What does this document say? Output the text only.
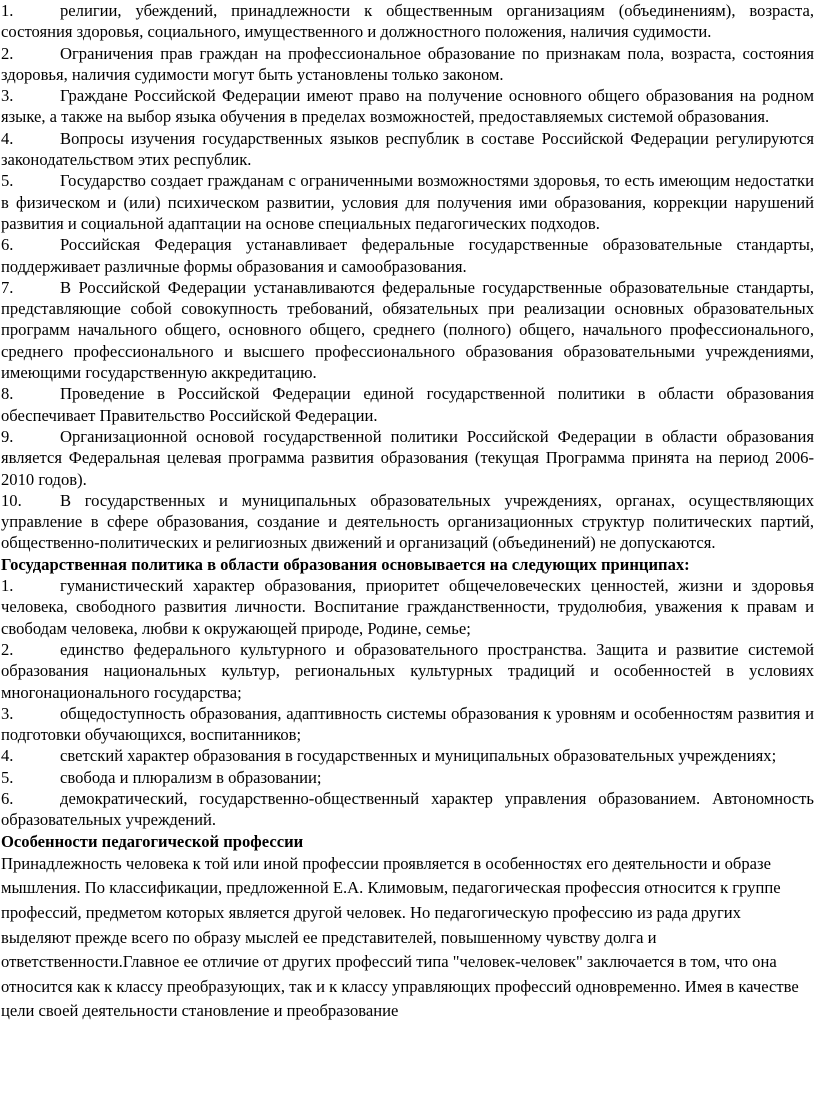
1.	религии, убеждений, принадлежности к общественным организациям (объединениям), возраста, состояния здоровья, социального, имущественного и должностного положения, наличия судимости.

2.	Ограничения прав граждан на профессиональное образование по признакам пола, возраста, состояния здоровья, наличия судимости могут быть установлены только законом.

3.	Граждане Российской Федерации имеют право на получение основного общего образования на родном языке, а также на выбор языка обучения в пределах возможностей, предоставляемых системой образования.

4.	Вопросы изучения государственных языков республик в составе Российской Федерации регулируются законодательством этих республик.

5.	Государство создает гражданам с ограниченными возможностями здоровья, то есть имеющим недостатки в физическом и (или) психическом развитии, условия для получения ими образования, коррекции нарушений развития и социальной адаптации на основе специальных педагогических подходов.

6.	Российская Федерация устанавливает федеральные государственные образовательные стандарты, поддерживает различные формы образования и самообразования.

7.	В Российской Федерации устанавливаются федеральные государственные образовательные стандарты, представляющие собой совокупность требований, обязательных при реализации основных образовательных программ начального общего, основного общего, среднего (полного) общего, начального профессионального, среднего профессионального и высшего профессионального образования образовательными учреждениями, имеющими государственную аккредитацию.

8.	Проведение в Российской Федерации единой государственной политики в области образования обеспечивает Правительство Российской Федерации.

9.	Организационной основой государственной политики Российской Федерации в области образования является Федеральная целевая программа развития образования (текущая Программа принята на период 2006-2010 годов).

10. В государственных и муниципальных образовательных учреждениях, органах, осуществляющих управление в сфере образования, создание и деятельность организационных структур политических партий, общественно-политических и религиозных движений и организаций (объединений) не допускаются.

Государственная политика в области образования основывается на следующих принципах:

1.	гуманистический характер образования, приоритет общечеловеческих ценностей, жизни и здоровья человека, свободного развития личности. Воспитание гражданственности, трудолюбия, уважения к правам и свободам человека, любви к окружающей природе, Родине, семье;

2.	единство федерального культурного и образовательного пространства. Защита и развитие системой образования национальных культур, региональных культурных традиций и особенностей в условиях многонационального государства;

3.	общедоступность образования, адаптивность системы образования к уровням и особенностям развития и подготовки обучающихся, воспитанников;

4.	светский характер образования в государственных и муниципальных образовательных учреждениях;

5.	свобода и плюрализм в образовании;

6.	демократический, государственно-общественный характер управления образованием. Автономность образовательных учреждений.

Особенности педагогической профессии

Принадлежность человека к той или иной профессии проявляется в особенностях его деятельности и образе мышления. По классификации, предложенной Е.А. Климовым, педагогическая профессия относится к группе профессий, предметом которых является другой человек. Но педагогическую профессию из рада других выделяют прежде всего по образу мыслей ее представителей, повышенному чувству долга и ответственности.Главное ее отличие от других профессий типа "человек-человек" заключается в том, что она относится как к классу преобразующих, так и к классу управляющих профессий одновременно. Имея в качестве цели своей деятельности становление и преобразование
